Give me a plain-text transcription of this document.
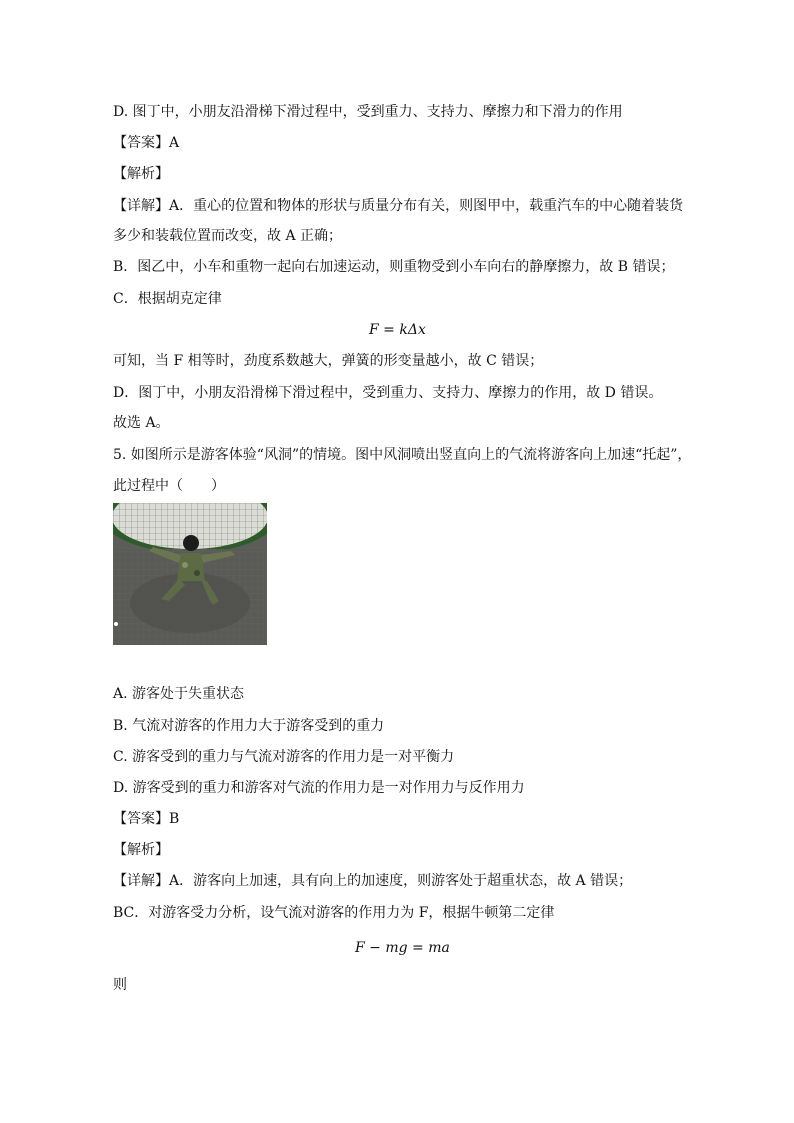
D. 图丁中，小朋友沿滑梯下滑过程中，受到重力、支持力、摩擦力和下滑力的作用
【答案】A
【解析】
【详解】A．重心的位置和物体的形状与质量分布有关，则图甲中，载重汽车的中心随着装货
多少和装载位置而改变，故 A 正确；
B．图乙中，小车和重物一起向右加速运动，则重物受到小车向右的静摩擦力，故 B 错误；
C．根据胡克定律
F = kΔx
可知，当 F 相等时，劲度系数越大，弹簧的形变量越小，故 C 错误；
D．图丁中，小朋友沿滑梯下滑过程中，受到重力、支持力、摩擦力的作用，故 D 错误。
故选 A。
5. 如图所示是游客体验“风洞”的情境。图中风洞喷出竖直向上的气流将游客向上加速“托起”，
此过程中（　　）
A. 游客处于失重状态
B. 气流对游客的作用力大于游客受到的重力
C. 游客受到的重力与气流对游客的作用力是一对平衡力
D. 游客受到的重力和游客对气流的作用力是一对作用力与反作用力
【答案】B
【解析】
【详解】A．游客向上加速，具有向上的加速度，则游客处于超重状态，故 A 错误；
BC．对游客受力分析，设气流对游客的作用力为 F，根据牛顿第二定律
F − mg = ma
则
